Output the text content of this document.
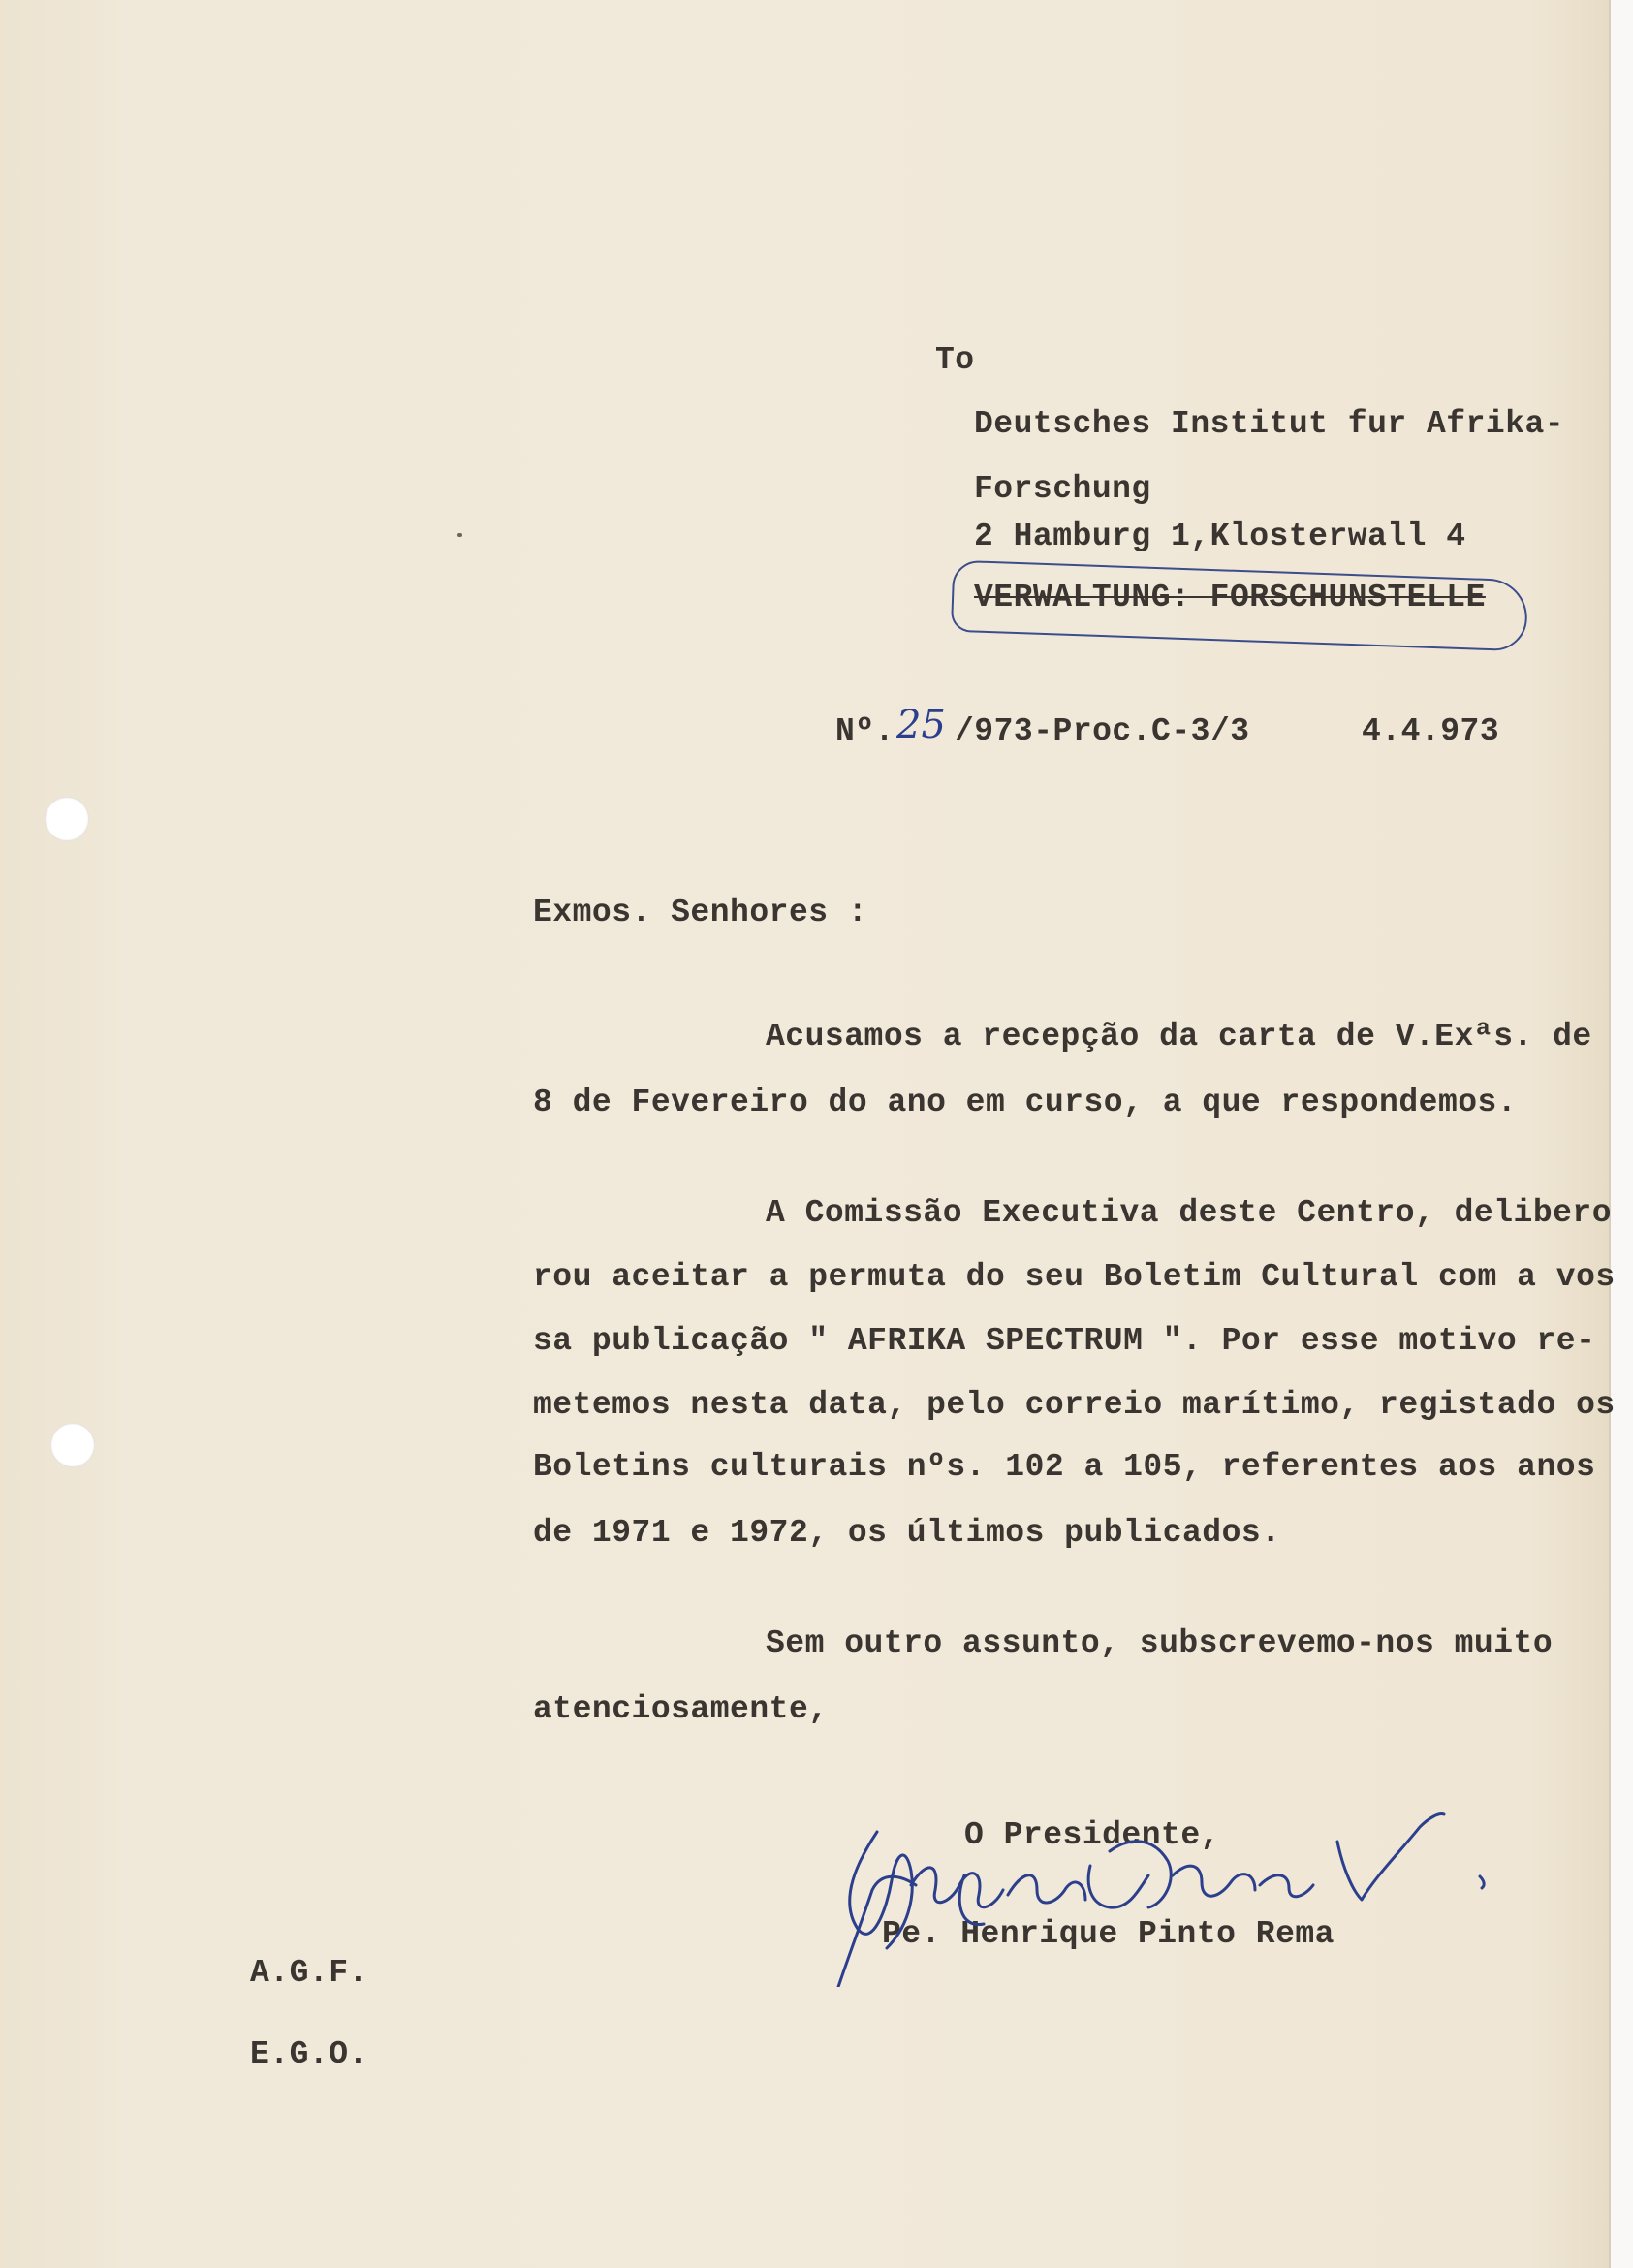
To

Deutsches Institut fur Afrika-

Forschung

2 Hamburg 1,Klosterwall 4

VERWALTUNG: FORSCHUNSTELLE

Nº. 25 /973-Proc.C-3/3	4.4.973

Exmos. Senhores :

Acusamos a recepção da carta de V.Exªs. de

8 de Fevereiro do ano em curso, a que respondemos.

A Comissão Executiva deste Centro, delibero

rou aceitar a permuta do seu Boletim Cultural com a vos

sa publicação " AFRIKA SPECTRUM ". Por esse motivo re-

metemos nesta data, pelo correio marítimo, registado os

Boletins culturais nºs. 102 a 105, referentes aos anos

de 1971 e 1972, os últimos publicados.

Sem outro assunto, subscrevemo-nos muito

atenciosamente,

O Presidente,

Pe. Henrique Pinto Rema

A.G.F.

E.G.O.
